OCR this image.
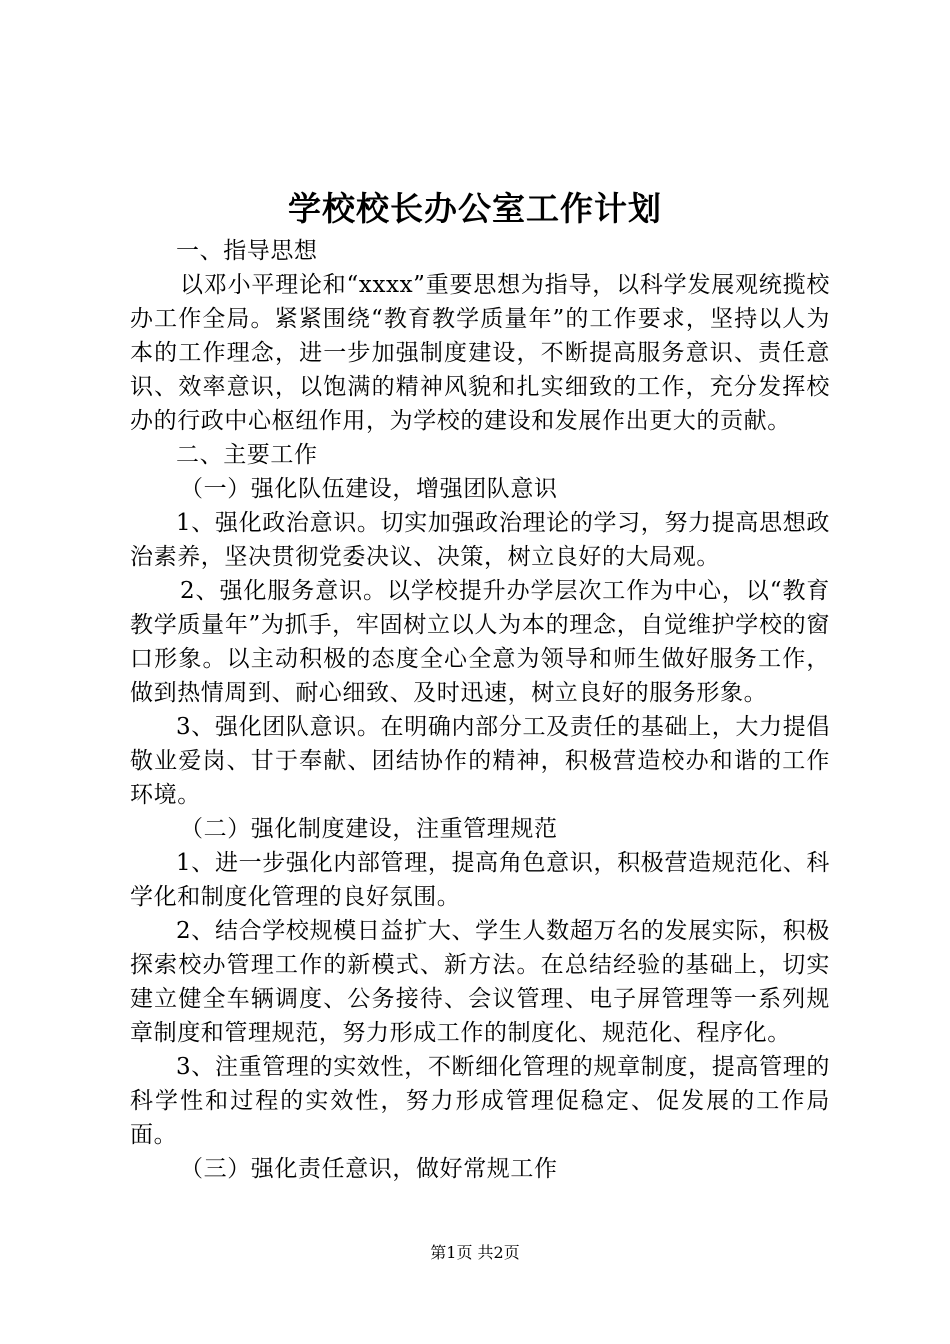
学校校长办公室工作计划

一、指导思想

以邓小平理论和“xxxx”重要思想为指导，以科学发展观统揽校办工作全局。紧紧围绕“教育教学质量年”的工作要求，坚持以人为本的工作理念，进一步加强制度建设，不断提高服务意识、责任意识、效率意识，以饱满的精神风貌和扎实细致的工作，充分发挥校办的行政中心枢纽作用，为学校的建设和发展作出更大的贡献。

二、主要工作

（一）强化队伍建设，增强团队意识

1、强化政治意识。切实加强政治理论的学习，努力提高思想政治素养，坚决贯彻党委决议、决策，树立良好的大局观。

2、强化服务意识。以学校提升办学层次工作为中心，以“教育教学质量年”为抓手，牢固树立以人为本的理念，自觉维护学校的窗口形象。以主动积极的态度全心全意为领导和师生做好服务工作，做到热情周到、耐心细致、及时迅速，树立良好的服务形象。

3、强化团队意识。在明确内部分工及责任的基础上，大力提倡敬业爱岗、甘于奉献、团结协作的精神，积极营造校办和谐的工作环境。

（二）强化制度建设，注重管理规范

1、进一步强化内部管理，提高角色意识，积极营造规范化、科学化和制度化管理的良好氛围。

2、结合学校规模日益扩大、学生人数超万名的发展实际，积极探索校办管理工作的新模式、新方法。在总结经验的基础上，切实建立健全车辆调度、公务接待、会议管理、电子屏管理等一系列规章制度和管理规范，努力形成工作的制度化、规范化、程序化。

3、注重管理的实效性，不断细化管理的规章制度，提高管理的科学性和过程的实效性，努力形成管理促稳定、促发展的工作局面。

（三）强化责任意识，做好常规工作

第1页 共2页
